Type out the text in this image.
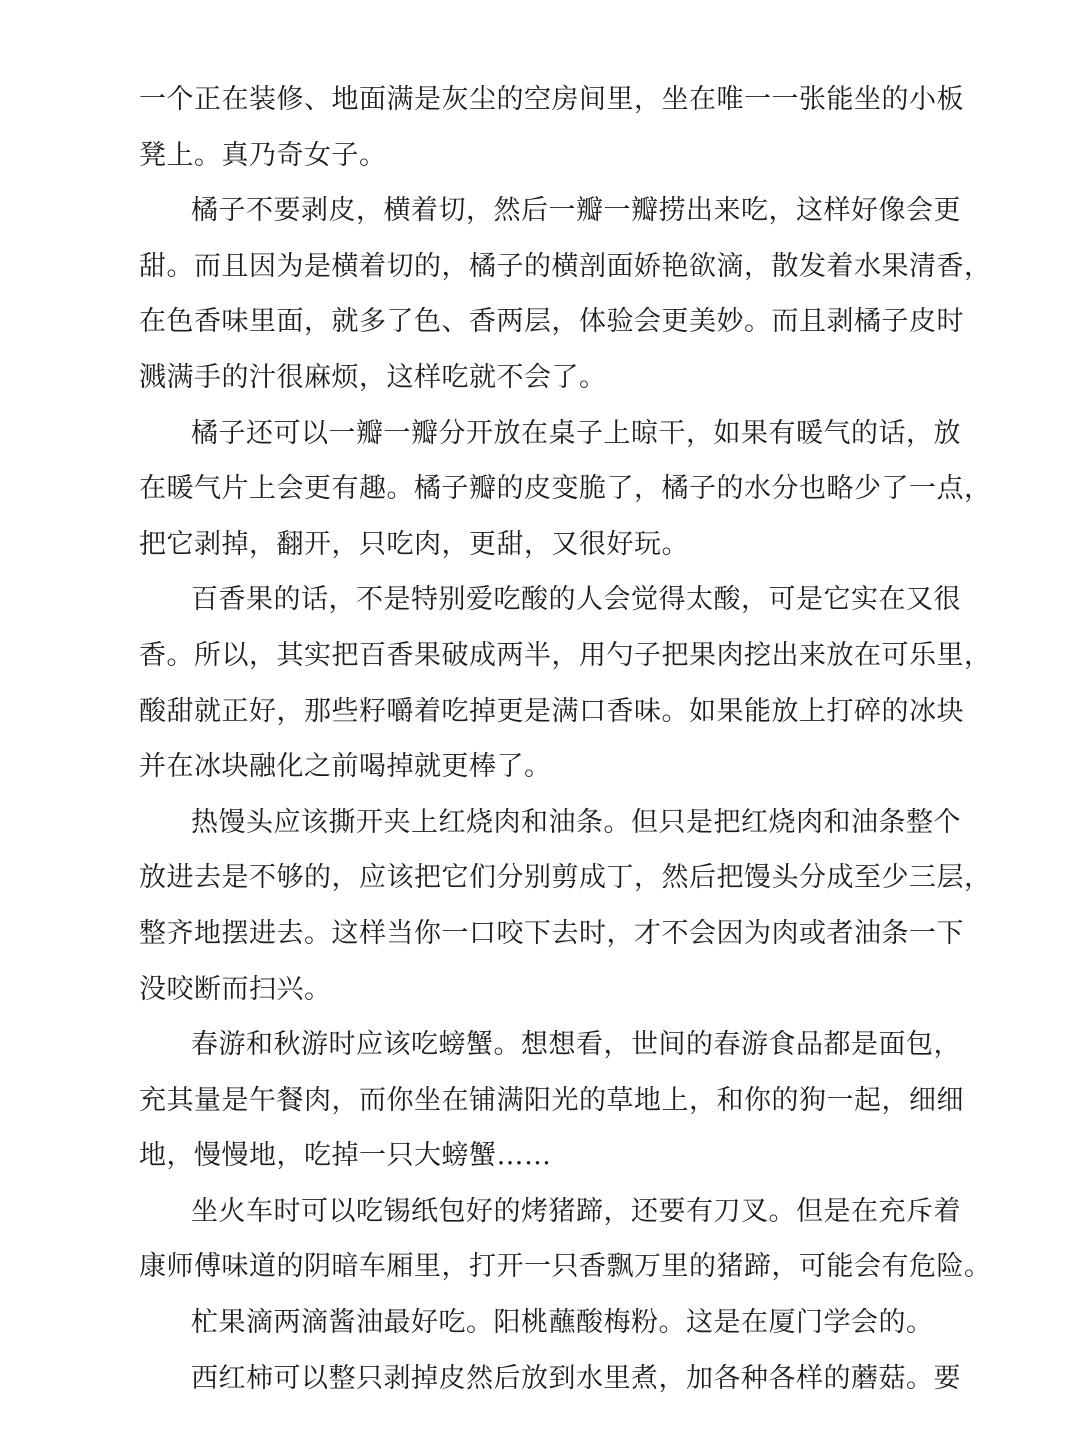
一个正在装修、地面满是灰尘的空房间里，坐在唯一一张能坐的小板
凳上。真乃奇女子。

橘子不要剥皮，横着切，然后一瓣一瓣捞出来吃，这样好像会更
甜。而且因为是横着切的，橘子的横剖面娇艳欲滴，散发着水果清香，
在色香味里面，就多了色、香两层，体验会更美妙。而且剥橘子皮时
溅满手的汁很麻烦，这样吃就不会了。

橘子还可以一瓣一瓣分开放在桌子上晾干，如果有暖气的话，放
在暖气片上会更有趣。橘子瓣的皮变脆了，橘子的水分也略少了一点，
把它剥掉，翻开，只吃肉，更甜，又很好玩。

百香果的话，不是特别爱吃酸的人会觉得太酸，可是它实在又很
香。所以，其实把百香果破成两半，用勺子把果肉挖出来放在可乐里，
酸甜就正好，那些籽嚼着吃掉更是满口香味。如果能放上打碎的冰块
并在冰块融化之前喝掉就更棒了。

热馒头应该撕开夹上红烧肉和油条。但只是把红烧肉和油条整个
放进去是不够的，应该把它们分别剪成丁，然后把馒头分成至少三层，
整齐地摆进去。这样当你一口咬下去时，才不会因为肉或者油条一下
没咬断而扫兴。

春游和秋游时应该吃螃蟹。想想看，世间的春游食品都是面包，
充其量是午餐肉，而你坐在铺满阳光的草地上，和你的狗一起，细细
地，慢慢地，吃掉一只大螃蟹……

坐火车时可以吃锡纸包好的烤猪蹄，还要有刀叉。但是在充斥着
康师傅味道的阴暗车厢里，打开一只香飘万里的猪蹄，可能会有危险。

杧果滴两滴酱油最好吃。阳桃蘸酸梅粉。这是在厦门学会的。

西红柿可以整只剥掉皮然后放到水里煮，加各种各样的蘑菇。要
